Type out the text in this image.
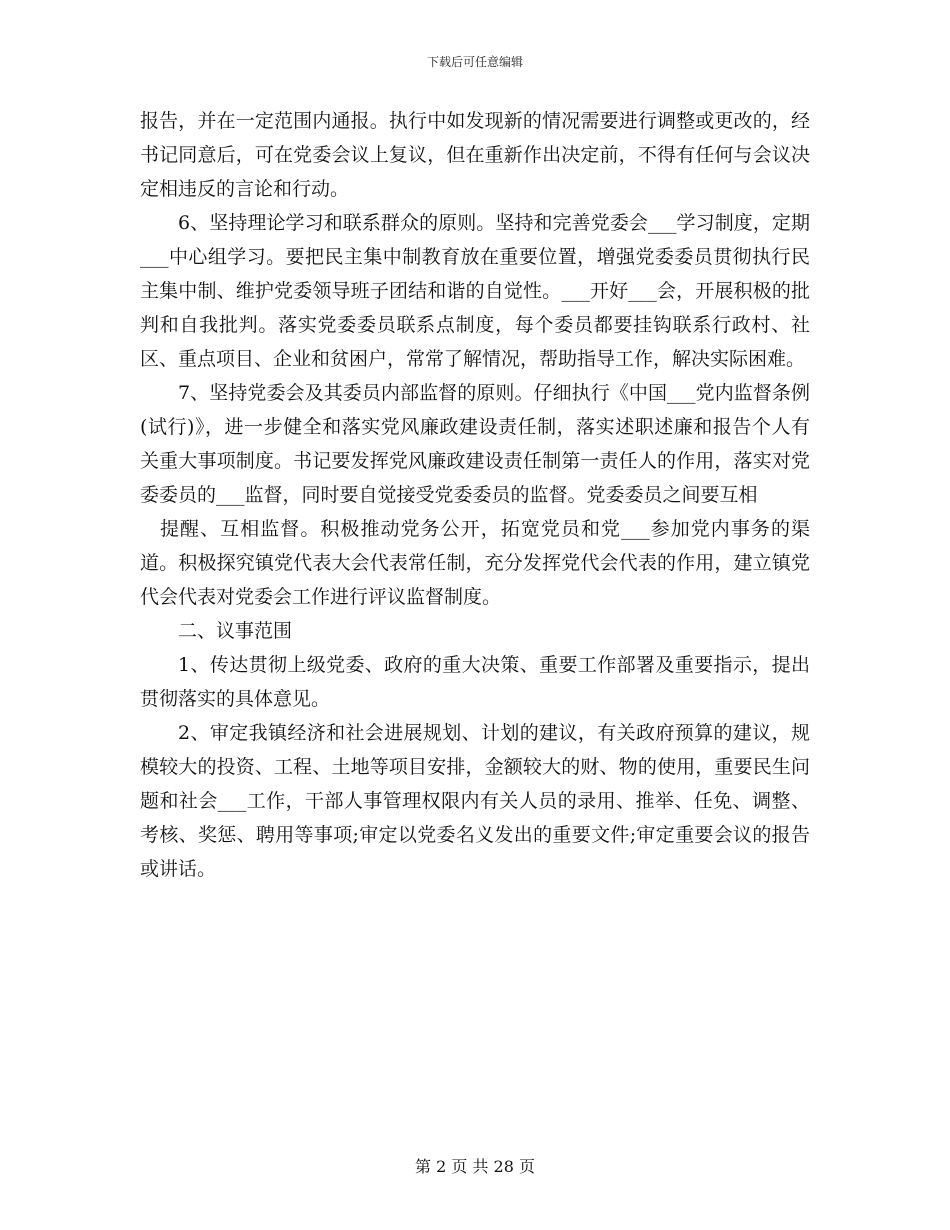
下载后可任意编辑

报告，并在一定范围内通报。执行中如发现新的情况需要进行调整或更改的，经书记同意后，可在党委会议上复议，但在重新作出决定前，不得有任何与会议决定相违反的言论和行动。

6、坚持理论学习和联系群众的原则。坚持和完善党委会___学习制度，定期___中心组学习。要把民主集中制教育放在重要位置，增强党委委员贯彻执行民主集中制、维护党委领导班子团结和谐的自觉性。___开好___会，开展积极的批判和自我批判。落实党委委员联系点制度，每个委员都要挂钩联系行政村、社区、重点项目、企业和贫困户，常常了解情况，帮助指导工作，解决实际困难。

7、坚持党委会及其委员内部监督的原则。仔细执行《中国___党内监督条例(试行)》，进一步健全和落实党风廉政建设责任制，落实述职述廉和报告个人有关重大事项制度。书记要发挥党风廉政建设责任制第一责任人的作用，落实对党委委员的___监督，同时要自觉接受党委委员的监督。党委委员之间要互相

提醒、互相监督。积极推动党务公开，拓宽党员和党___参加党内事务的渠道。积极探究镇党代表大会代表常任制，充分发挥党代会代表的作用，建立镇党代会代表对党委会工作进行评议监督制度。

二、议事范围

1、传达贯彻上级党委、政府的重大决策、重要工作部署及重要指示，提出贯彻落实的具体意见。

2、审定我镇经济和社会进展规划、计划的建议，有关政府预算的建议，规模较大的投资、工程、土地等项目安排，金额较大的财、物的使用，重要民生问题和社会___工作，干部人事管理权限内有关人员的录用、推举、任免、调整、考核、奖惩、聘用等事项;审定以党委名义发出的重要文件;审定重要会议的报告或讲话。

第 2 页 共 28 页
